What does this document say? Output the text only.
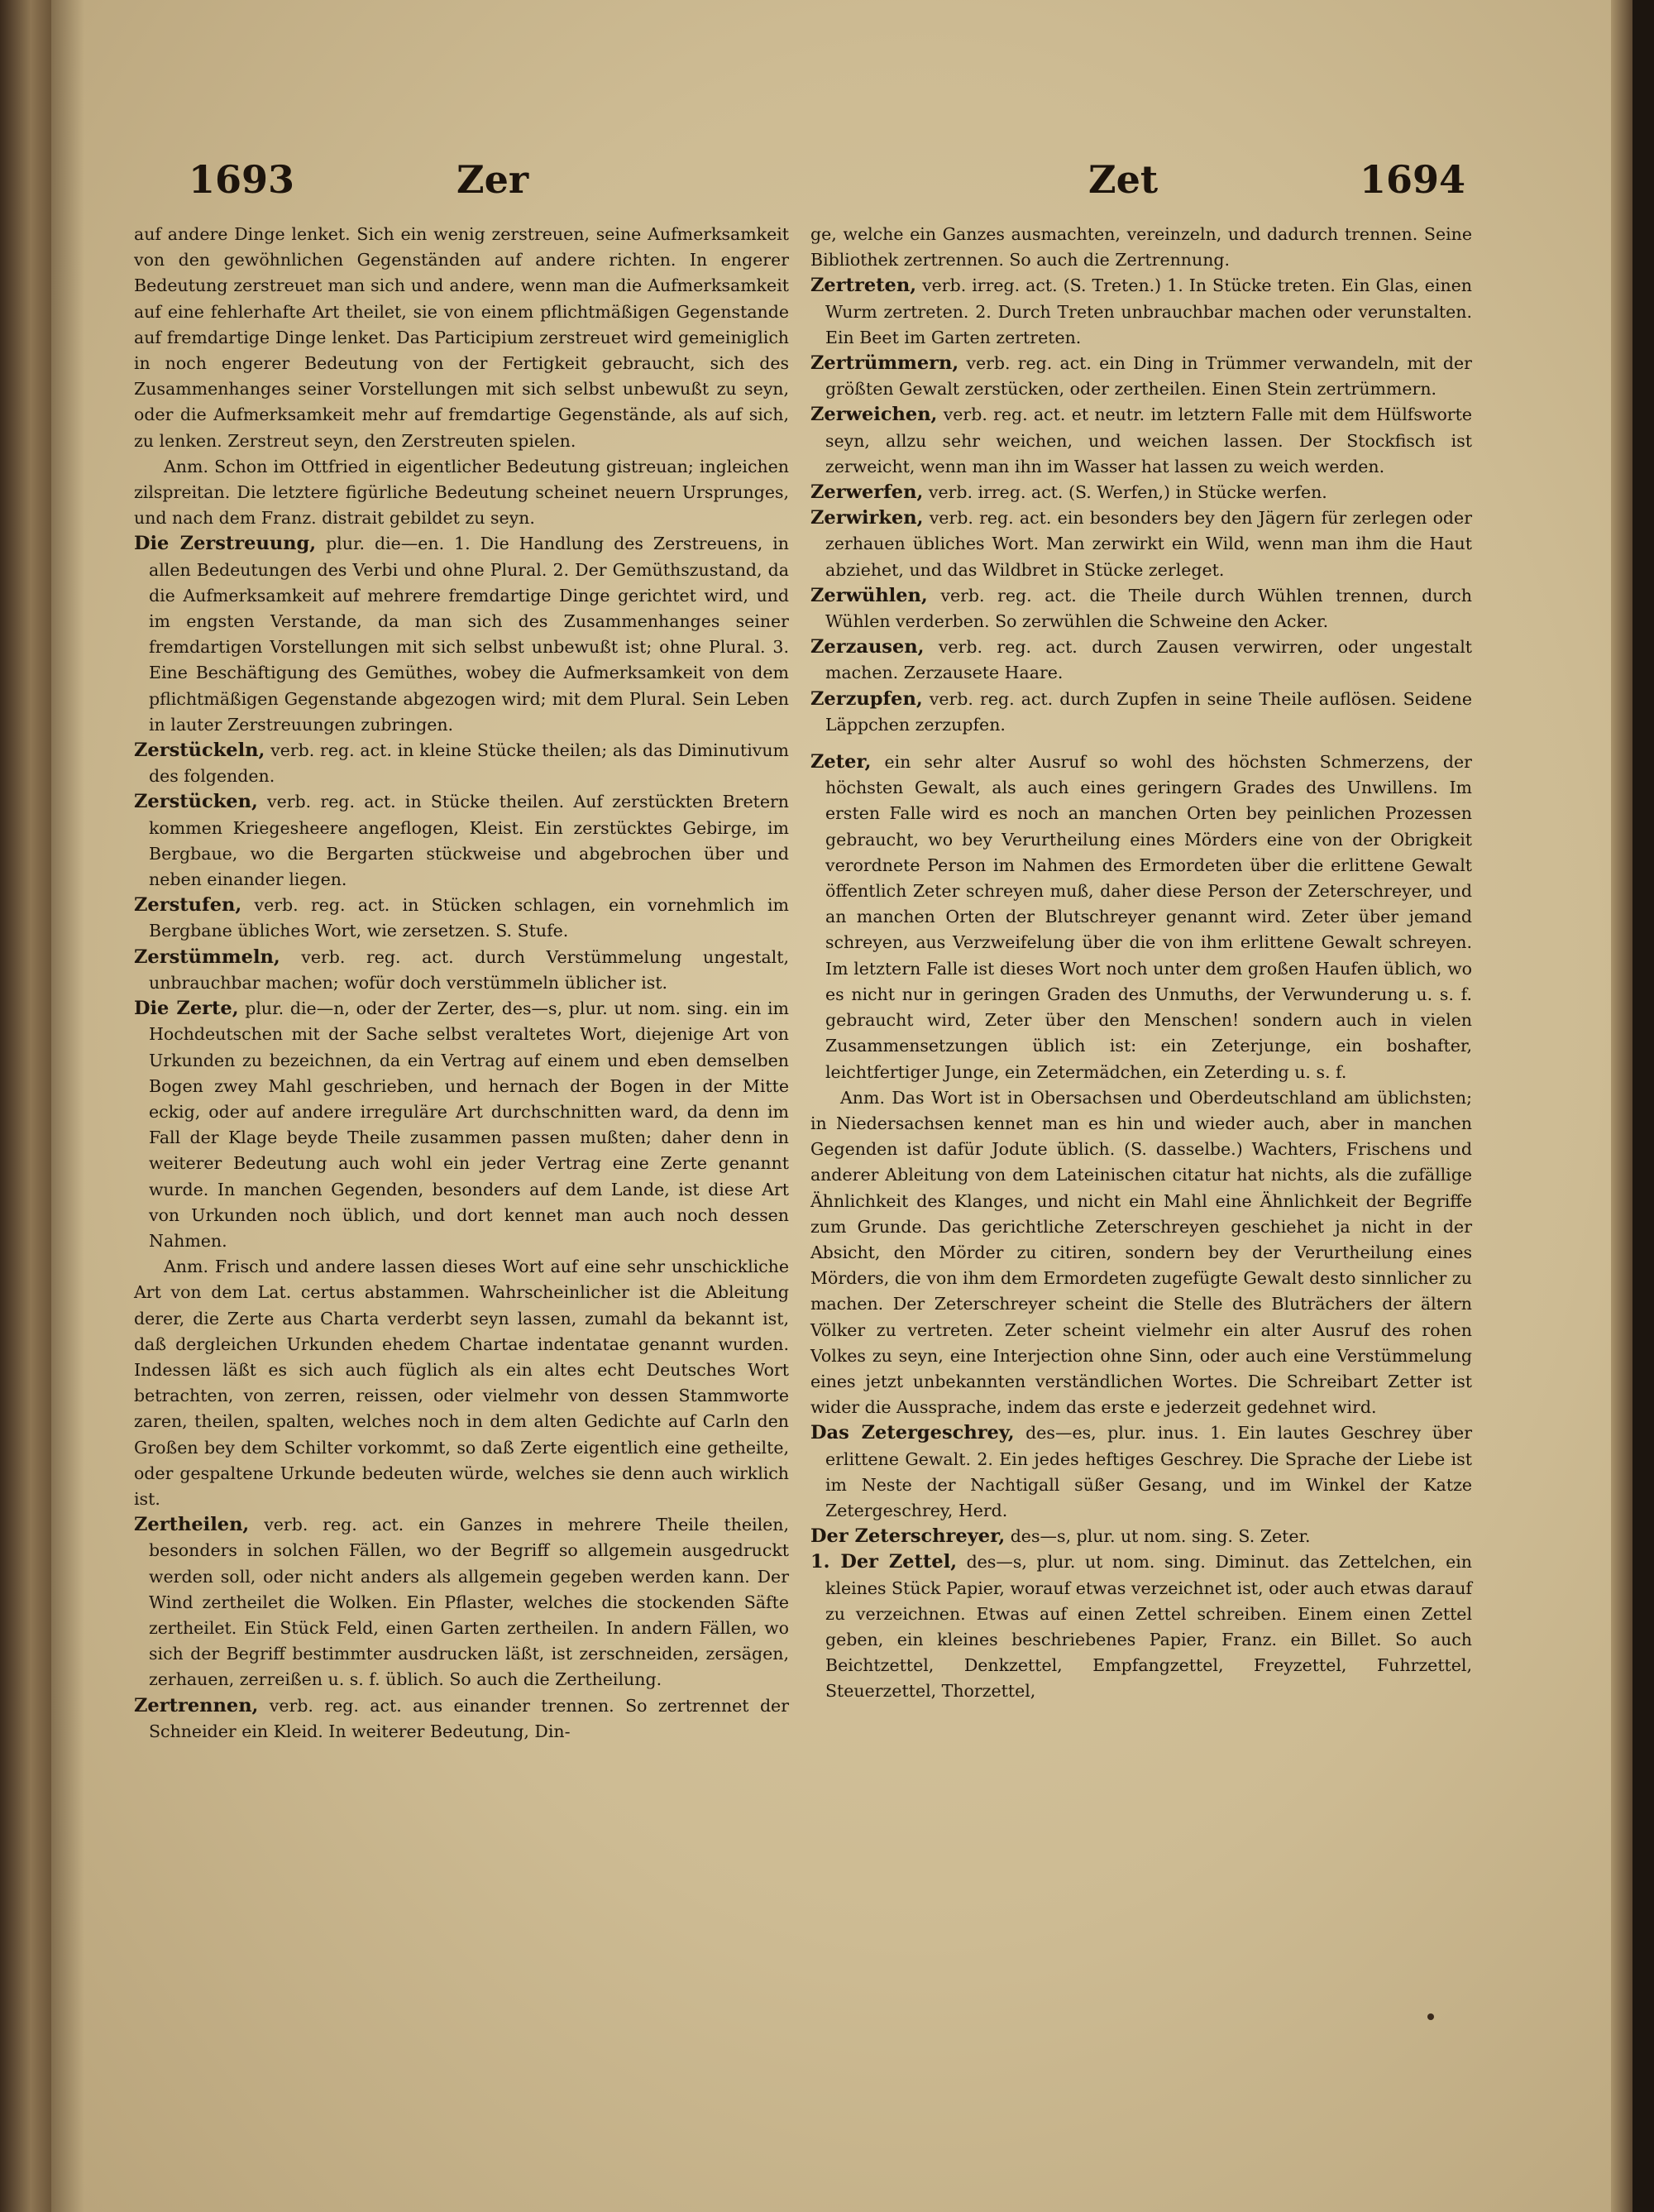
1693	Zer	Zet	1694

auf andere Dinge lenket. Sich ein wenig zerstreuen, seine Aufmerksamkeit von den gewöhnlichen Gegenständen auf andere richten. In engerer Bedeutung zerstreuet man sich und andere, wenn man die Aufmerksamkeit auf eine fehlerhafte Art theilet, sie von einem pflichtmäßigen Gegenstande auf fremdartige Dinge lenket. Das Participium zerstreuet wird gemeiniglich in noch engerer Bedeutung von der Fertigkeit gebraucht, sich des Zusammenhanges seiner Vorstellungen mit sich selbst unbewußt zu seyn, oder die Aufmerksamkeit mehr auf fremdartige Gegenstände, als auf sich, zu lenken. Zerstreut seyn, den Zerstreuten spielen.

Anm. Schon im Ottfried in eigentlicher Bedeutung gistreuan; ingleichen zilspreitan. Die letztere figürliche Bedeutung scheinet neuern Ursprunges, und nach dem Franz. distrait gebildet zu seyn.

Die Zerstreuung, plur. die—en. 1. Die Handlung des Zerstreuens, in allen Bedeutungen des Verbi und ohne Plural. 2. Der Gemüthszustand, da die Aufmerksamkeit auf mehrere fremdartige Dinge gerichtet wird, und im engsten Verstande, da man sich des Zusammenhanges seiner fremdartigen Vorstellungen mit sich selbst unbewußt ist; ohne Plural. 3. Eine Beschäftigung des Gemüthes, wobey die Aufmerksamkeit von dem pflichtmäßigen Gegenstande abgezogen wird; mit dem Plural. Sein Leben in lauter Zerstreuungen zubringen.

Zerstückeln, verb. reg. act. in kleine Stücke theilen; als das Diminutivum des folgenden.

Zerstücken, verb. reg. act. in Stücke theilen. Auf zerstückten Bretern kommen Kriegesheere angeflogen, Kleist. Ein zerstücktes Gebirge, im Bergbaue, wo die Bergarten stückweise und abgebrochen über und neben einander liegen.

Zerstufen, verb. reg. act. in Stücken schlagen, ein vornehmlich im Bergbane übliches Wort, wie zersetzen. S. Stufe.

Zerstümmeln, verb. reg. act. durch Verstümmelung ungestalt, unbrauchbar machen; wofür doch verstümmeln üblicher ist.

Die Zerte, plur. die—n, oder der Zerter, des—s, plur. ut nom. sing. ein im Hochdeutschen mit der Sache selbst veraltetes Wort, diejenige Art von Urkunden zu bezeichnen, da ein Vertrag auf einem und eben demselben Bogen zwey Mahl geschrieben, und hernach der Bogen in der Mitte eckig, oder auf andere irreguläre Art durchschnitten ward, da denn im Fall der Klage beyde Theile zusammen passen mußten; daher denn in weiterer Bedeutung auch wohl ein jeder Vertrag eine Zerte genannt wurde. In manchen Gegenden, besonders auf dem Lande, ist diese Art von Urkunden noch üblich, und dort kennet man auch noch dessen Nahmen.

Anm. Frisch und andere lassen dieses Wort auf eine sehr unschickliche Art von dem Lat. certus abstammen. Wahrscheinlicher ist die Ableitung derer, die Zerte aus Charta verderbt seyn lassen, zumahl da bekannt ist, daß dergleichen Urkunden ehedem Chartae indentatae genannt wurden. Indessen läßt es sich auch füglich als ein altes echt Deutsches Wort betrachten, von zerren, reissen, oder vielmehr von dessen Stammworte zaren, theilen, spalten, welches noch in dem alten Gedichte auf Carln den Großen bey dem Schilter vorkommt, so daß Zerte eigentlich eine getheilte, oder gespaltene Urkunde bedeuten würde, welches sie denn auch wirklich ist.

Zertheilen, verb. reg. act. ein Ganzes in mehrere Theile theilen, besonders in solchen Fällen, wo der Begriff so allgemein ausgedruckt werden soll, oder nicht anders als allgemein gegeben werden kann. Der Wind zertheilet die Wolken. Ein Pflaster, welches die stockenden Säfte zertheilet. Ein Stück Feld, einen Garten zertheilen. In andern Fällen, wo sich der Begriff bestimmter ausdrucken läßt, ist zerschneiden, zersägen, zerhauen, zerreißen u. s. f. üblich. So auch die Zertheilung.

Zertrennen, verb. reg. act. aus einander trennen. So zertrennet der Schneider ein Kleid. In weiterer Bedeutung, Din-

ge, welche ein Ganzes ausmachten, vereinzeln, und dadurch trennen. Seine Bibliothek zertrennen. So auch die Zertrennung.

Zertreten, verb. irreg. act. (S. Treten.) 1. In Stücke treten. Ein Glas, einen Wurm zertreten. 2. Durch Treten unbrauchbar machen oder verunstalten. Ein Beet im Garten zertreten.

Zertrümmern, verb. reg. act. ein Ding in Trümmer verwandeln, mit der größten Gewalt zerstücken, oder zertheilen. Einen Stein zertrümmern.

Zerweichen, verb. reg. act. et neutr. im letztern Falle mit dem Hülfsworte seyn, allzu sehr weichen, und weichen lassen. Der Stockfisch ist zerweicht, wenn man ihn im Wasser hat lassen zu weich werden.

Zerwerfen, verb. irreg. act. (S. Werfen,) in Stücke werfen.

Zerwirken, verb. reg. act. ein besonders bey den Jägern für zerlegen oder zerhauen übliches Wort. Man zerwirkt ein Wild, wenn man ihm die Haut abziehet, und das Wildbret in Stücke zerleget.

Zerwühlen, verb. reg. act. die Theile durch Wühlen trennen, durch Wühlen verderben. So zerwühlen die Schweine den Acker.

Zerzausen, verb. reg. act. durch Zausen verwirren, oder ungestalt machen. Zerzausete Haare.

Zerzupfen, verb. reg. act. durch Zupfen in seine Theile auflösen. Seidene Läppchen zerzupfen.

Zeter, ein sehr alter Ausruf so wohl des höchsten Schmerzens, der höchsten Gewalt, als auch eines geringern Grades des Unwillens. Im ersten Falle wird es noch an manchen Orten bey peinlichen Prozessen gebraucht, wo bey Verurtheilung eines Mörders eine von der Obrigkeit verordnete Person im Nahmen des Ermordeten über die erlittene Gewalt öffentlich Zeter schreyen muß, daher diese Person der Zeterschreyer, und an manchen Orten der Blutschreyer genannt wird. Zeter über jemand schreyen, aus Verzweifelung über die von ihm erlittene Gewalt schreyen. Im letztern Falle ist dieses Wort noch unter dem großen Haufen üblich, wo es nicht nur in geringen Graden des Unmuths, der Verwunderung u. s. f. gebraucht wird, Zeter über den Menschen! sondern auch in vielen Zusammensetzungen üblich ist: ein Zeterjunge, ein boshafter, leichtfertiger Junge, ein Zetermädchen, ein Zeterding u. s. f.

Anm. Das Wort ist in Obersachsen und Oberdeutschland am üblichsten; in Niedersachsen kennet man es hin und wieder auch, aber in manchen Gegenden ist dafür Jodute üblich. (S. dasselbe.) Wachters, Frischens und anderer Ableitung von dem Lateinischen citatur hat nichts, als die zufällige Ähnlichkeit des Klanges, und nicht ein Mahl eine Ähnlichkeit der Begriffe zum Grunde. Das gerichtliche Zeterschreyen geschiehet ja nicht in der Absicht, den Mörder zu citiren, sondern bey der Verurtheilung eines Mörders, die von ihm dem Ermordeten zugefügte Gewalt desto sinnlicher zu machen. Der Zeterschreyer scheint die Stelle des Bluträchers der ältern Völker zu vertreten. Zeter scheint vielmehr ein alter Ausruf des rohen Volkes zu seyn, eine Interjection ohne Sinn, oder auch eine Verstümmelung eines jetzt unbekannten verständlichen Wortes. Die Schreibart Zetter ist wider die Aussprache, indem das erste e jederzeit gedehnet wird.

Das Zetergeschrey, des—es, plur. inus. 1. Ein lautes Geschrey über erlittene Gewalt. 2. Ein jedes heftiges Geschrey. Die Sprache der Liebe ist im Neste der Nachtigall süßer Gesang, und im Winkel der Katze Zetergeschrey, Herd.

Der Zeterschreyer, des—s, plur. ut nom. sing. S. Zeter.

1. Der Zettel, des—s, plur. ut nom. sing. Diminut. das Zettelchen, ein kleines Stück Papier, worauf etwas verzeichnet ist, oder auch etwas darauf zu verzeichnen. Etwas auf einen Zettel schreiben. Einem einen Zettel geben, ein kleines beschriebenes Papier, Franz. ein Billet. So auch Beichtzettel, Denkzettel, Empfangzettel, Freyzettel, Fuhrzettel, Steuerzettel, Thorzettel,
